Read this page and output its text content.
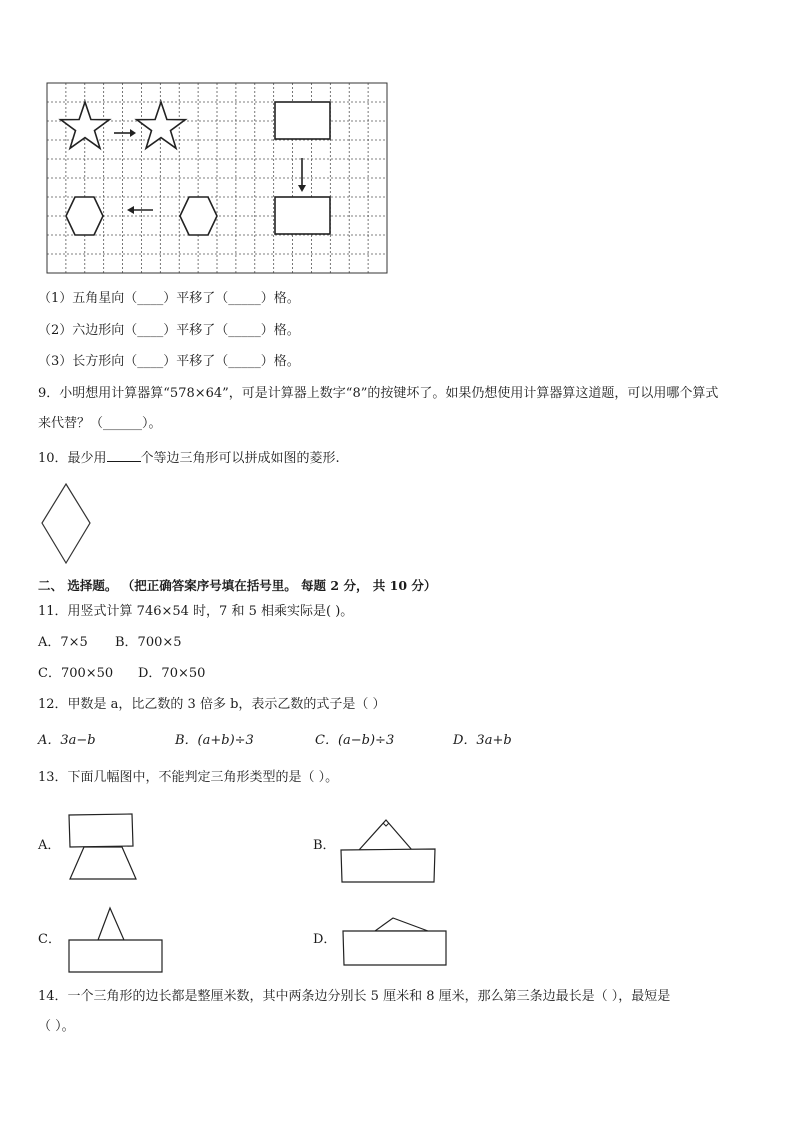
（1）五角星向（____）平移了（_____）格。
（2）六边形向（____）平移了（_____）格。
（3）长方形向（____）平移了（_____）格。
9．小明想用计算器算“578×64”，可是计算器上数字“8”的按键坏了。如果仍想使用计算器算这道题，可以用哪个算式
来代替？（______）。
10．最少用	个等边三角形可以拼成如图的菱形.
二、 选择题。 （把正确答案序号填在括号里。 每题 2 分， 共 10 分）
11．用竖式计算 746×54 时，7 和 5 相乘实际是( )。
A．7×5 B．700×5
C．700×50 D．70×50
12．甲数是 a，比乙数的 3 倍多 b，表示乙数的式子是（ ）
A．3a−b	B．(a+b)÷3	C．(a−b)÷3	D．3a+b
13．下面几幅图中，不能判定三角形类型的是（ ）。
A．	B．
C．	D．
14．一个三角形的边长都是整厘米数，其中两条边分别长 5 厘米和 8 厘米，那么第三条边最长是（ ），最短是
（ ）。
